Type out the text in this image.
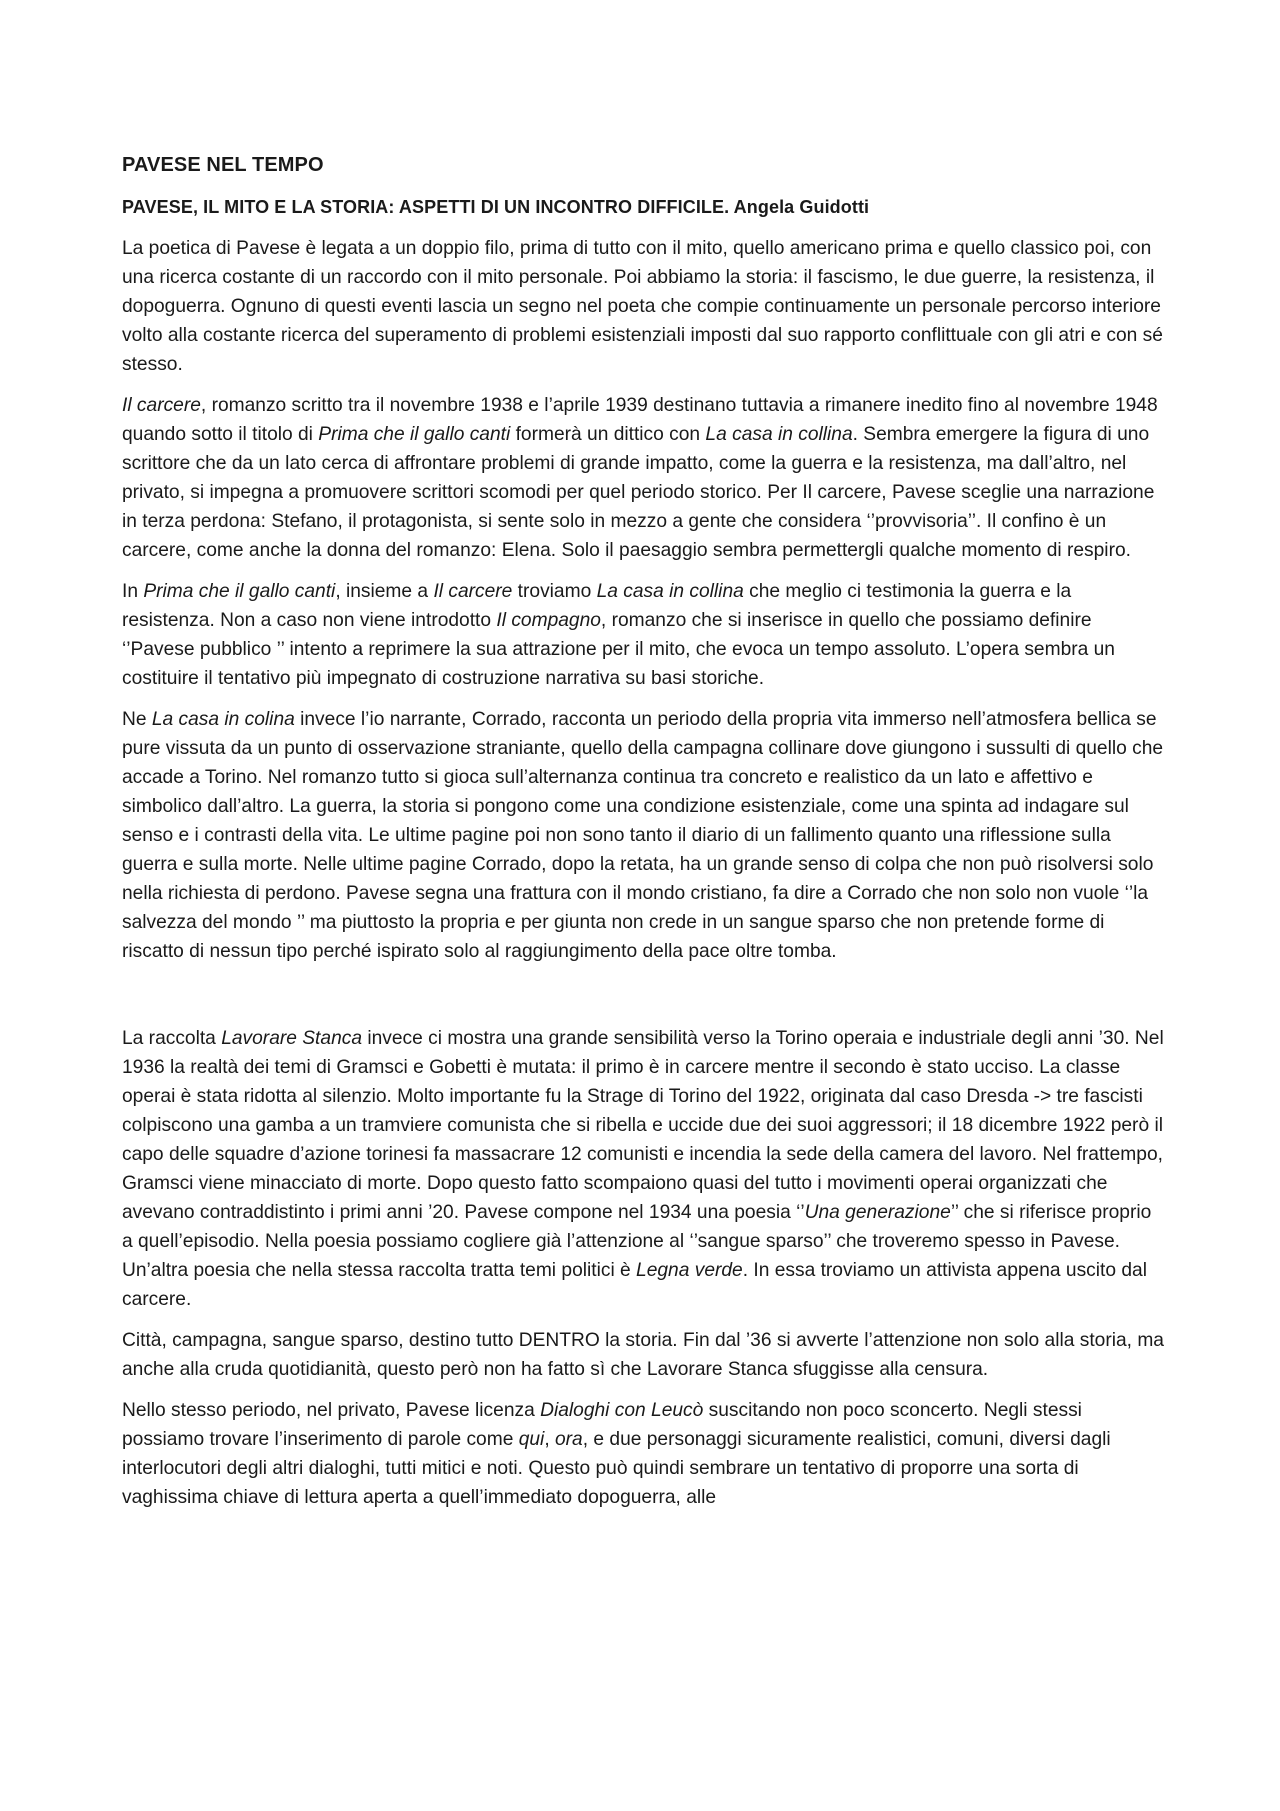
PAVESE NEL TEMPO
PAVESE, IL MITO E LA STORIA: ASPETTI DI UN INCONTRO DIFFICILE. Angela Guidotti

La poetica di Pavese è legata a un doppio filo, prima di tutto con il mito, quello americano prima e quello classico poi, con una ricerca costante di un raccordo con il mito personale. Poi abbiamo la storia: il fascismo, le due guerre, la resistenza, il dopoguerra. Ognuno di questi eventi lascia un segno nel poeta che compie continuamente un personale percorso interiore volto alla costante ricerca del superamento di problemi esistenziali imposti dal suo rapporto conflittuale con gli atri e con sé stesso.

Il carcere, romanzo scritto tra il novembre 1938 e l’aprile 1939 destinano tuttavia a rimanere inedito fino al novembre 1948 quando sotto il titolo di Prima che il gallo canti formerà un dittico con La casa in collina. Sembra emergere la figura di uno scrittore che da un lato cerca di affrontare problemi di grande impatto, come la guerra e la resistenza, ma dall’altro, nel privato, si impegna a promuovere scrittori scomodi per quel periodo storico. Per Il carcere, Pavese sceglie una narrazione in terza perdona: Stefano, il protagonista, si sente solo in mezzo a gente che considera ‘’provvisoria’’. Il confino è un carcere, come anche la donna del romanzo: Elena. Solo il paesaggio sembra permettergli qualche momento di respiro.

In Prima che il gallo canti, insieme a Il carcere troviamo La casa in collina che meglio ci testimonia la guerra e la resistenza. Non a caso non viene introdotto Il compagno, romanzo che si inserisce in quello che possiamo definire ‘’Pavese pubblico ’’ intento a reprimere la sua attrazione per il mito, che evoca un tempo assoluto. L’opera sembra un costituire il tentativo più impegnato di costruzione narrativa su basi storiche.

Ne La casa in colina invece l’io narrante, Corrado, racconta un periodo della propria vita immerso nell’atmosfera bellica se pure vissuta da un punto di osservazione straniante, quello della campagna collinare dove giungono i sussulti di quello che accade a Torino. Nel romanzo tutto si gioca sull’alternanza continua tra concreto e realistico da un lato e affettivo e simbolico dall’altro. La guerra, la storia si pongono come una condizione esistenziale, come una spinta ad indagare sul senso e i contrasti della vita. Le ultime pagine poi non sono tanto il diario di un fallimento quanto una riflessione sulla guerra e sulla morte. Nelle ultime pagine Corrado, dopo la retata, ha un grande senso di colpa che non può risolversi solo nella richiesta di perdono. Pavese segna una frattura con il mondo cristiano, fa dire a Corrado che non solo non vuole ‘’la salvezza del mondo ’’ ma piuttosto la propria e per giunta non crede in un sangue sparso che non pretende forme di riscatto di nessun tipo perché ispirato solo al raggiungimento della pace oltre tomba.

La raccolta Lavorare Stanca invece ci mostra una grande sensibilità verso la Torino operaia e industriale degli anni ’30. Nel 1936 la realtà dei temi di Gramsci e Gobetti è mutata: il primo è in carcere mentre il secondo è stato ucciso. La classe operai è stata ridotta al silenzio. Molto importante fu la Strage di Torino del 1922, originata dal caso Dresda -> tre fascisti colpiscono una gamba a un tramviere comunista che si ribella e uccide due dei suoi aggressori; il 18 dicembre 1922 però il capo delle squadre d’azione torinesi fa massacrare 12 comunisti e incendia la sede della camera del lavoro. Nel frattempo, Gramsci viene minacciato di morte. Dopo questo fatto scompaiono quasi del tutto i movimenti operai organizzati che avevano contraddistinto i primi anni ’20. Pavese compone nel 1934 una poesia ‘’Una generazione’’ che si riferisce proprio a quell’episodio. Nella poesia possiamo cogliere già l’attenzione al ‘’sangue sparso’’ che troveremo spesso in Pavese. Un’altra poesia che nella stessa raccolta tratta temi politici è Legna verde. In essa troviamo un attivista appena uscito dal carcere.

Città, campagna, sangue sparso, destino tutto DENTRO la storia. Fin dal ’36 si avverte l’attenzione non solo alla storia, ma anche alla cruda quotidianità, questo però non ha fatto sì che Lavorare Stanca sfuggisse alla censura.

Nello stesso periodo, nel privato, Pavese licenza Dialoghi con Leucò suscitando non poco sconcerto. Negli stessi possiamo trovare l’inserimento di parole come qui, ora, e due personaggi sicuramente realistici, comuni, diversi dagli interlocutori degli altri dialoghi, tutti mitici e noti. Questo può quindi sembrare un tentativo di proporre una sorta di vaghissima chiave di lettura aperta a quell’immediato dopoguerra, alle
